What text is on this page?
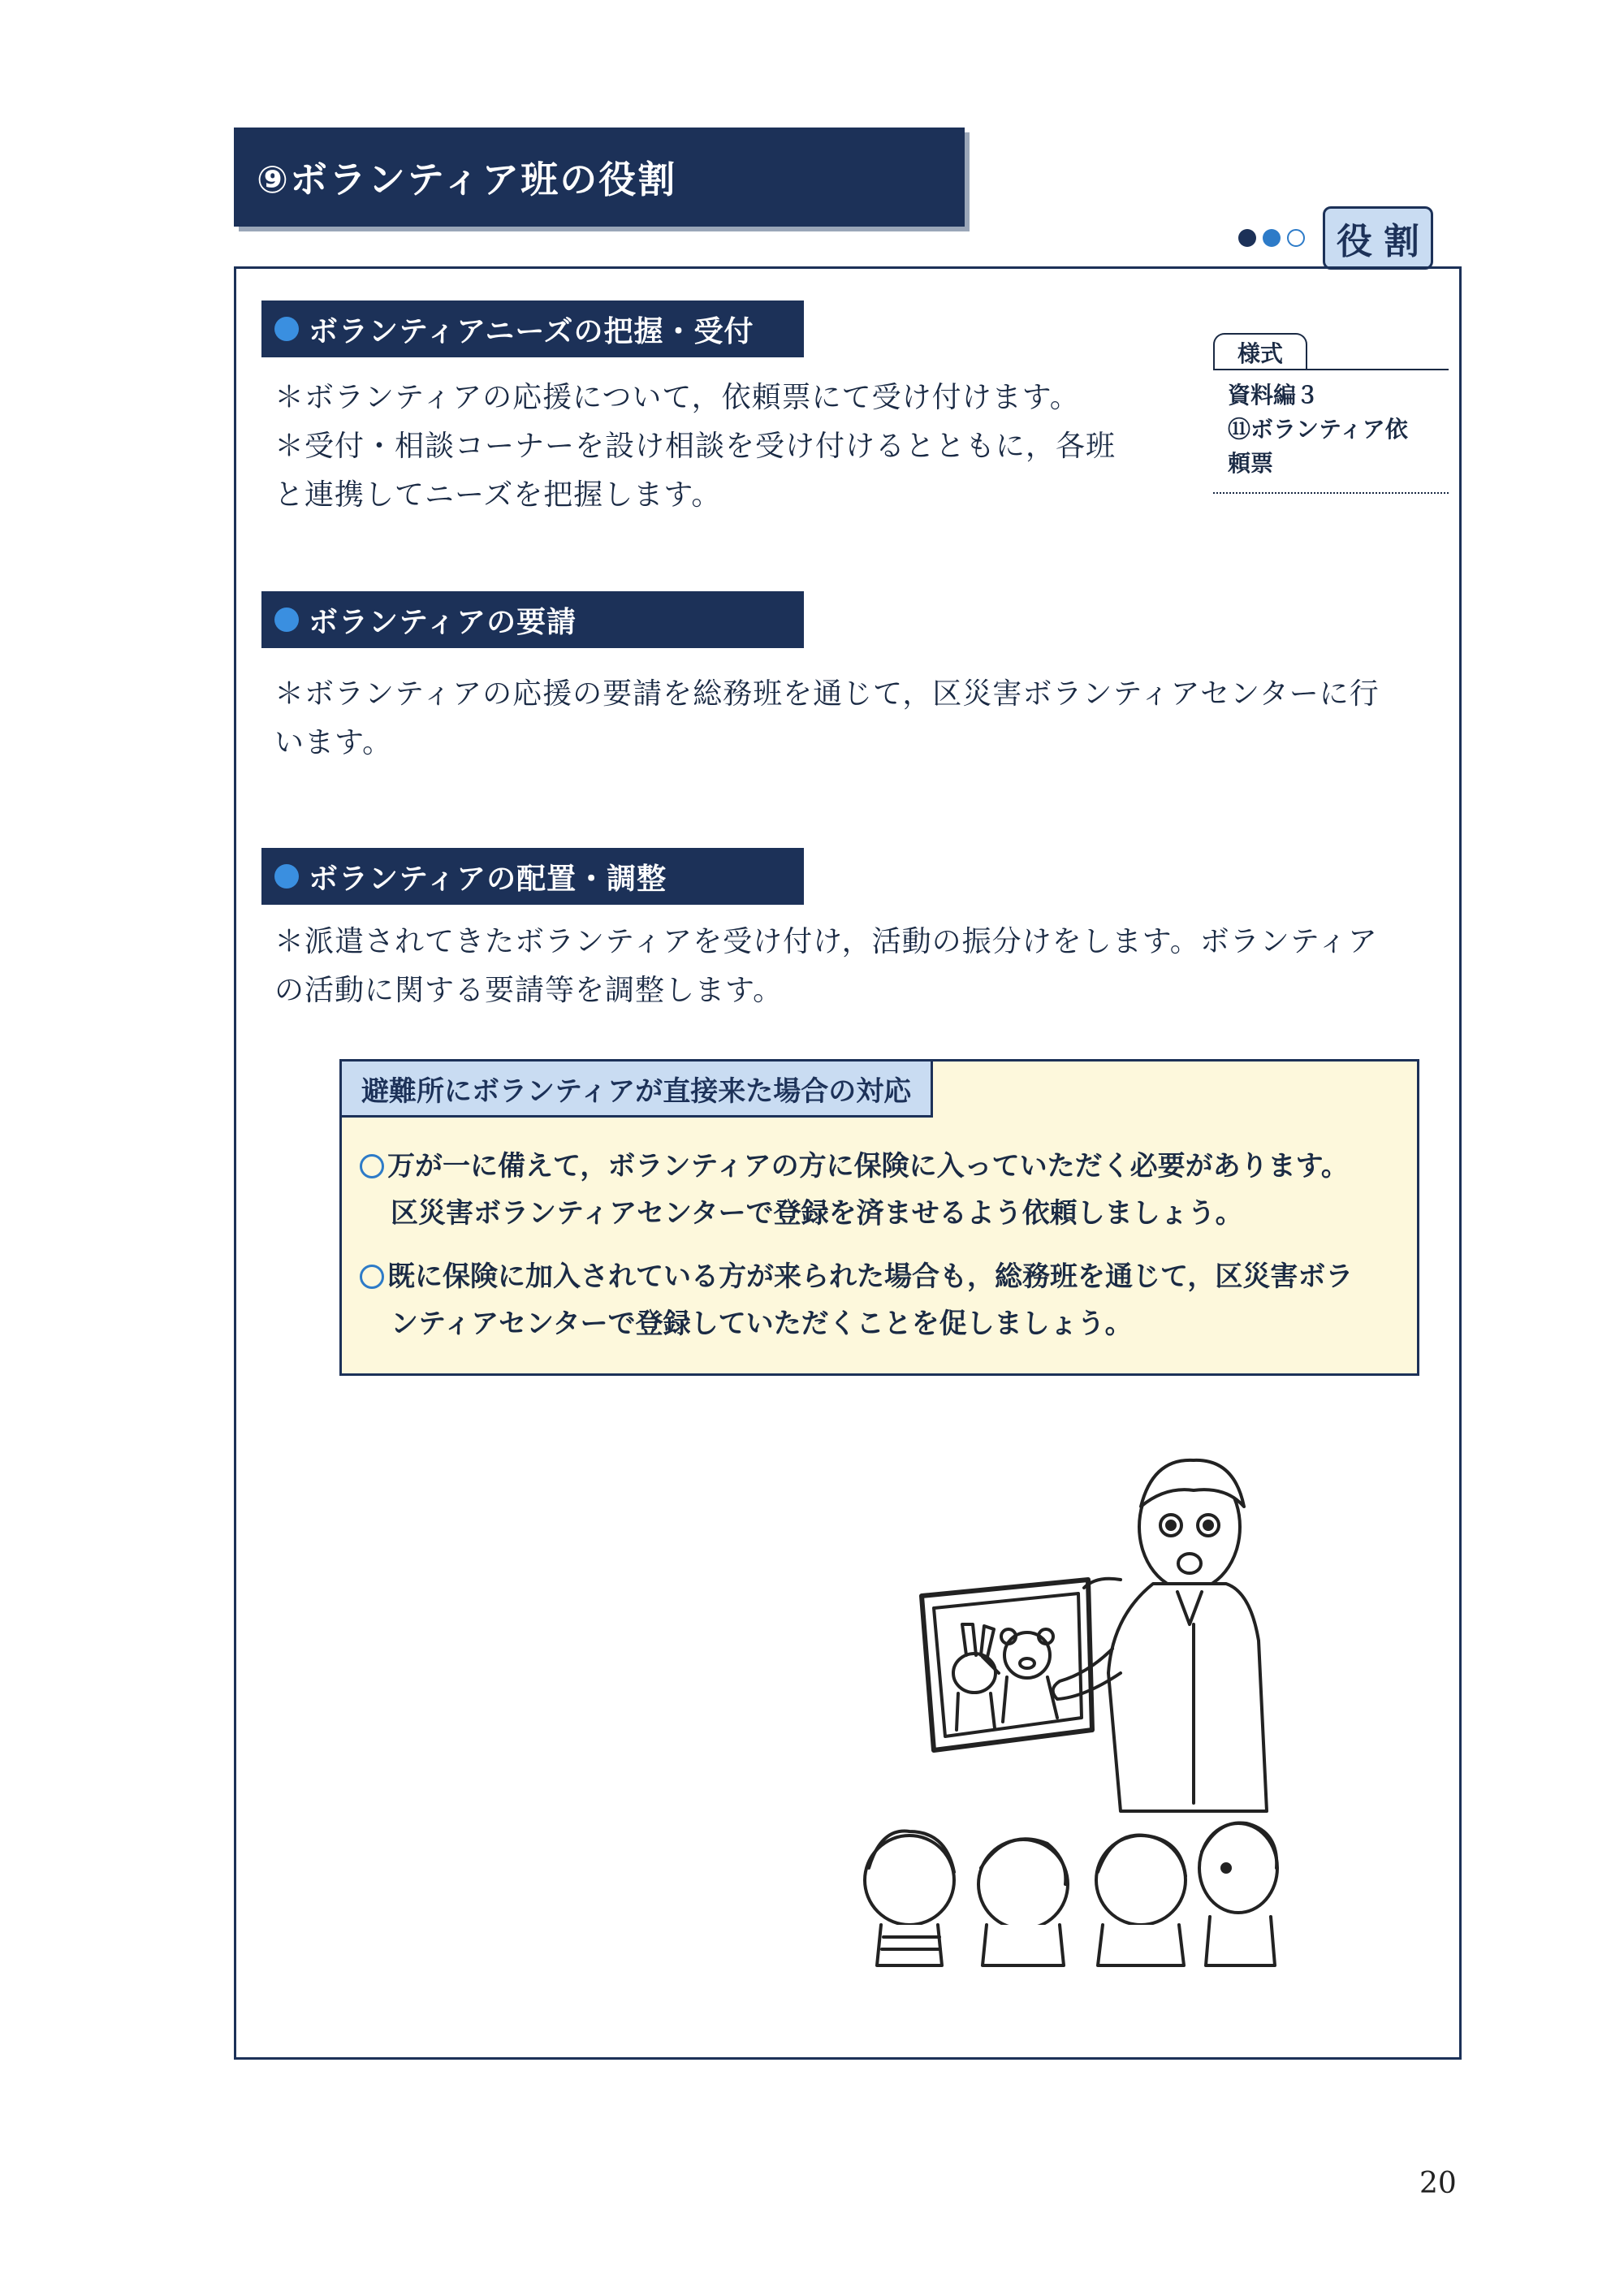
⑨ボランティア班の役割
役 割
ボランティアニーズの把握・受付
＊ボランティアの応援について，依頼票にて受け付けます。
＊受付・相談コーナーを設け相談を受け付けるとともに，各班
と連携してニーズを把握します。
様式
資料編３
⑪ボランティア依
頼票
ボランティアの要請
＊ボランティアの応援の要請を総務班を通じて，区災害ボランティアセンターに行
います。
ボランティアの配置・調整
＊派遣されてきたボランティアを受け付け，活動の振分けをします。ボランティア
の活動に関する要請等を調整します。
避難所にボランティアが直接来た場合の対応
万が一に備えて，ボランティアの方に保険に入っていただく必要があります。
区災害ボランティアセンターで登録を済ませるよう依頼しましょう。
既に保険に加入されている方が来られた場合も，総務班を通じて，区災害ボラ
ンティアセンターで登録していただくことを促しましょう。
20
